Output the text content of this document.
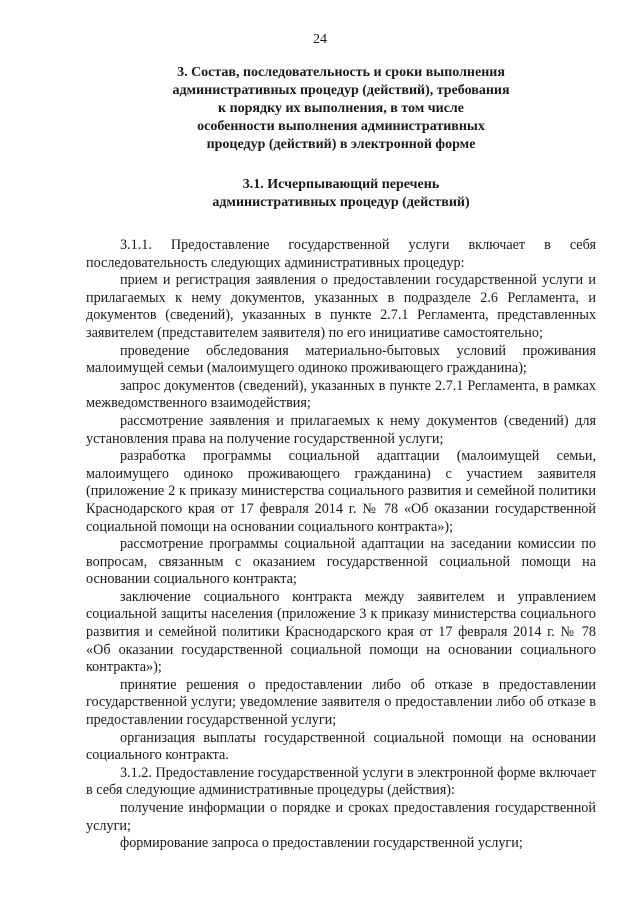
24
3. Состав, последовательность и сроки выполнения
административных процедур (действий), требования
к порядку их выполнения, в том числе
особенности выполнения административных
процедур (действий) в электронной форме
3.1. Исчерпывающий перечень
административных процедур (действий)

3.1.1. Предоставление государственной услуги включает в себя последовательность следующих административных процедур:

прием и регистрация заявления о предоставлении государственной услуги и прилагаемых к нему документов, указанных в подразделе 2.6 Регламента, и документов (сведений), указанных в пункте 2.7.1 Регламента, представленных заявителем (представителем заявителя) по его инициативе самостоятельно;

проведение обследования материально-бытовых условий проживания малоимущей семьи (малоимущего одиноко проживающего гражданина);

запрос документов (сведений), указанных в пункте 2.7.1 Регламента, в рамках межведомственного взаимодействия;

рассмотрение заявления и прилагаемых к нему документов (сведений) для установления права на получение государственной услуги;

разработка программы социальной адаптации (малоимущей семьи, малоимущего одиноко проживающего гражданина) с участием заявителя (приложение 2 к приказу министерства социального развития и семейной политики Краснодарского края от 17 февраля 2014 г. № 78 «Об оказании государственной социальной помощи на основании социального контракта»);

рассмотрение программы социальной адаптации на заседании комиссии по вопросам, связанным с оказанием государственной социальной помощи на основании социального контракта;

заключение социального контракта между заявителем и управлением социальной защиты населения (приложение 3 к приказу министерства социального развития и семейной политики Краснодарского края от 17 февраля 2014 г. № 78 «Об оказании государственной социальной помощи на основании социального контракта»);

принятие решения о предоставлении либо об отказе в предоставлении государственной услуги; уведомление заявителя о предоставлении либо об отказе в предоставлении государственной услуги;

организация выплаты государственной социальной помощи на основании социального контракта.

3.1.2. Предоставление государственной услуги в электронной форме включает в себя следующие административные процедуры (действия):

получение информации о порядке и сроках предоставления государственной услуги;

формирование запроса о предоставлении государственной услуги;
